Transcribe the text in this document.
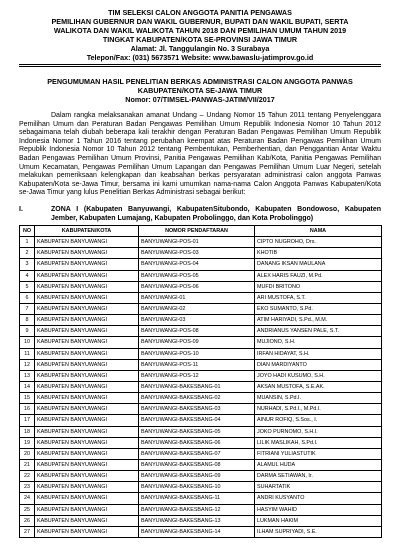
TIM SELEKSI CALON ANGGOTA PANITIA PENGAWAS
PEMILIHAN GUBERNUR DAN WAKIL GUBERNUR, BUPATI DAN WAKIL BUPATI, SERTA
WALIKOTA DAN WAKIL WALIKOTA TAHUN 2018 DAN PEMILIHAN UMUM TAHUN 2019
TINGKAT KABUPATEN/KOTA SE-PROVINSI JAWA TIMUR
Alamat: Jl. Tanggulangin No. 3 Surabaya
Telepon/Fax: (031) 5673571 Website: www.bawaslu-jatimprov.go.id
PENGUMUMAN HASIL PENELITIAN BERKAS ADMINISTRASI CALON ANGGOTA PANWAS
KABUPATEN/KOTA SE-JAWA TIMUR
Nomor: 07/TIMSEL-PANWAS-JATIM/VII/2017
Dalam rangka melaksanakan amanat Undang – Undang Nomor 15 Tahun 2011 tentang Penyelenggara Pemilihan Umum dan Peraturan Badan Pengawas Pemilihan Umum Republik Indonesia Nomor 10 Tahun 2012 sebagaimana telah diubah beberapa kali terakhir dengan Peraturan Badan Pengawas Pemilihan Umum Republik Indonesia Nomor 1 Tahun 2016 tentang perubahan keempat atas Peraturan Badan Pengawas Pemilihan Umum Republik Indonesia Nomor 10 Tahun 2012 tentang Pembentukan, Pemberhentian, dan Penggantian Antar Waktu Badan Pengawas Pemilihan Umum Provinsi, Panitia Pengawas Pemilihan Kab/Kota, Panitia Pengawas Pemilihan Umum Kecamatan, Pengawas Pemilihan Umum Lapangan dan Pengawas Pemilihan Umum Luar Negeri, setelah melakukan pemeriksaan kelengkapan dan keabsahan berkas persyaratan administrasi calon anggota Panwas Kabupaten/Kota se-Jawa Timur, bersama ini kami umumkan nama-nama Calon Anggota Panwas Kabupaten/Kota se-Jawa Timur yang lulus Penelitian Berkas Administrasi sebagai berikut:
I.	ZONA I (Kabupaten Banyuwangi, KabupatenSitubondo, Kabupaten Bondowoso, Kabupaten Jember, Kabupaten Lumajang, Kabupaten Probolinggo, dan Kota Probolinggo)
NO	KABUPATEN/KOTA	NOMOR PENDAFTARAN	NAMA
1	KABUPATEN BANYUWANGI	BANYUWANGI-POS-01	CIPTO NUGROHO, Drs.
2	KABUPATEN BANYUWANGI	BANYUWANGI-POS-03	KHOTIB
3	KABUPATEN BANYUWANGI	BANYUWANGI-POS-04	DANANG IKSAN MAULANA
4	KABUPATEN BANYUWANGI	BANYUWANGI-POS-05	ALEX HARIS FAUZI, M.Pd.
5	KABUPATEN BANYUWANGI	BANYUWANGI-POS-06	MUFDI BRITONO
6	KABUPATEN BANYUWANGI	BANYUWANGI-01	ARI MUSTOFA, S.T.
7	KABUPATEN BANYUWANGI	BANYUWANGI-02	EKO SUMANTO, S.Pd.
8	KABUPATEN BANYUWANGI	BANYUWANGI-03	ATIM HARIYADI, S.Pd., M.M.
9	KABUPATEN BANYUWANGI	BANYUWANGI-POS-08	ANDRIANUS YANSEN PALE, S.T.
10	KABUPATEN BANYUWANGI	BANYUWANGI-POS-09	MUJIONO, S.H.
11	KABUPATEN BANYUWANGI	BANYUWANGI-POS-10	IRFAN HIDAYAT, S.H.
12	KABUPATEN BANYUWANGI	BANYUWANGI-POS-11	DIAN MARDIYANTO
13	KABUPATEN BANYUWANGI	BANYUWANGI-POS-12	JOYO HADI KUSUMO, S.H.
14	KABUPATEN BANYUWANGI	BANYUWANGI-BAKESBANG-01	AKSAN MUSTOFA, S.E.AK.
15	KABUPATEN BANYUWANGI	BANYUWANGI-BAKESBANG-02	MUANSIN, S.Pd.I.
16	KABUPATEN BANYUWANGI	BANYUWANGI-BAKESBANG-03	NURHADI, S.Pd.I., M.Pd.I.
17	KABUPATEN BANYUWANGI	BANYUWANGI-BAKESBANG-04	AINUR ROFIQ, S.Sos., I.
18	KABUPATEN BANYUWANGI	BANYUWANGI-BAKESBANG-05	JOKO PURNOMO, S.H.I.
19	KABUPATEN BANYUWANGI	BANYUWANGI-BAKESBANG-06	LILIK MASLIKAH, S.Pd.I.
20	KABUPATEN BANYUWANGI	BANYUWANGI-BAKESBANG-07	FITRIANI YULIASTUTIK
21	KABUPATEN BANYUWANGI	BANYUWANGI-BAKESBANG-08	ALAMUL HUDA
22	KABUPATEN BANYUWANGI	BANYUWANGI-BAKESBANG-09	DARMA SETIAWAN, Ir.
23	KABUPATEN BANYUWANGI	BANYUWANGI-BAKESBANG-10	SUHARTATIK
24	KABUPATEN BANYUWANGI	BANYUWANGI-BAKESBANG-11	ANDRI KUSYANTO
25	KABUPATEN BANYUWANGI	BANYUWANGI-BAKESBANG-12	HASYIM WAHID
26	KABUPATEN BANYUWANGI	BANYUWANGI-BAKESBANG-13	LUKMAN HAKIM
27	KABUPATEN BANYUWANGI	BANYUWANGI-BAKESBANG-14	ILHAM SUPRIYADI, S.E.
